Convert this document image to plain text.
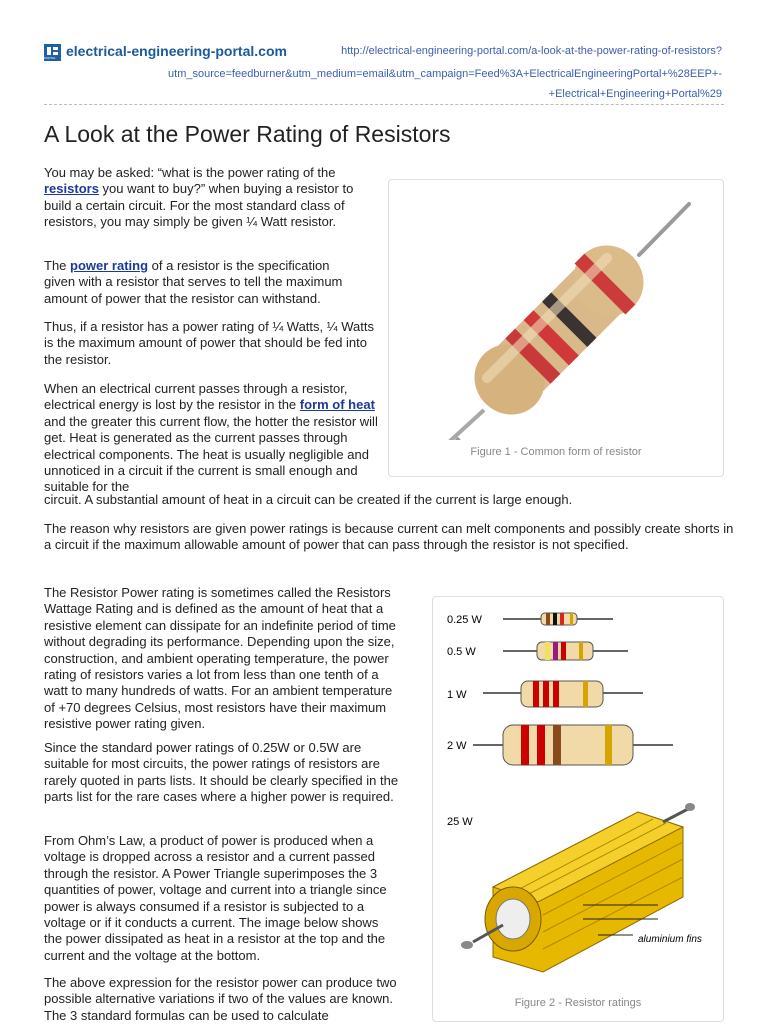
PORTAL electrical-engineering-portal.com	http://electrical-engineering-portal.com/a-look-at-the-power-rating-of-resistors?
utm_source=feedburner&utm_medium=email&utm_campaign=Feed%3A+ElectricalEngineeringPortal+%28EEP+-
+Electrical+Engineering+Portal%29
A Look at the Power Rating of Resistors

You may be asked: “what is the power rating of the resistors you want to buy?” when buying a resistor to build a certain circuit. For the most standard class of resistors, you may simply be given ¼ Watt resistor.

The power rating of a resistor is the specification given with a resistor that serves to tell the maximum amount of power that the resistor can withstand.

Thus, if a resistor has a power rating of ¼ Watts, ¼ Watts is the maximum amount of power that should be fed into the resistor.

When an electrical current passes through a resistor, electrical energy is lost by the resistor in the form of heat and the greater this current flow, the hotter the resistor will get. Heat is generated as the current passes through electrical components. The heat is usually negligible and unnoticed in a circuit if the current is small enough and suitable for the

circuit. A substantial amount of heat in a circuit can be created if the current is large enough.

The reason why resistors are given power ratings is because current can melt components and possibly create shorts in a circuit if the maximum allowable amount of power that can pass through the resistor is not specified.

The Resistor Power rating is sometimes called the Resistors Wattage Rating and is defined as the amount of heat that a resistive element can dissipate for an indefinite period of time without degrading its performance. Depending upon the size, construction, and ambient operating temperature, the power rating of resistors varies a lot from less than one tenth of a watt to many hundreds of watts. For an ambient temperature of +70 degrees Celsius, most resistors have their maximum resistive power rating given.

Since the standard power ratings of 0.25W or 0.5W are suitable for most circuits, the power ratings of resistors are rarely quoted in parts lists. It should be clearly specified in the parts list for the rare cases where a higher power is required.

From Ohm’s Law, a product of power is produced when a voltage is dropped across a resistor and a current passed through the resistor. A Power Triangle superimposes the 3 quantities of power, voltage and current into a triangle since power is always consumed if a resistor is subjected to a voltage or if it conducts a current. The image below shows the power dissipated as heat in a resistor at the top and the current and the voltage at the bottom.

The above expression for the resistor power can produce two possible alternative variations if two of the values are known. The 3 standard formulas can be used to calculate

Figure 1 - Common form of resistor
0.25 W
0.5 W
1 W
2 W
25 W
aluminium fins
Figure 2 - Resistor ratings
